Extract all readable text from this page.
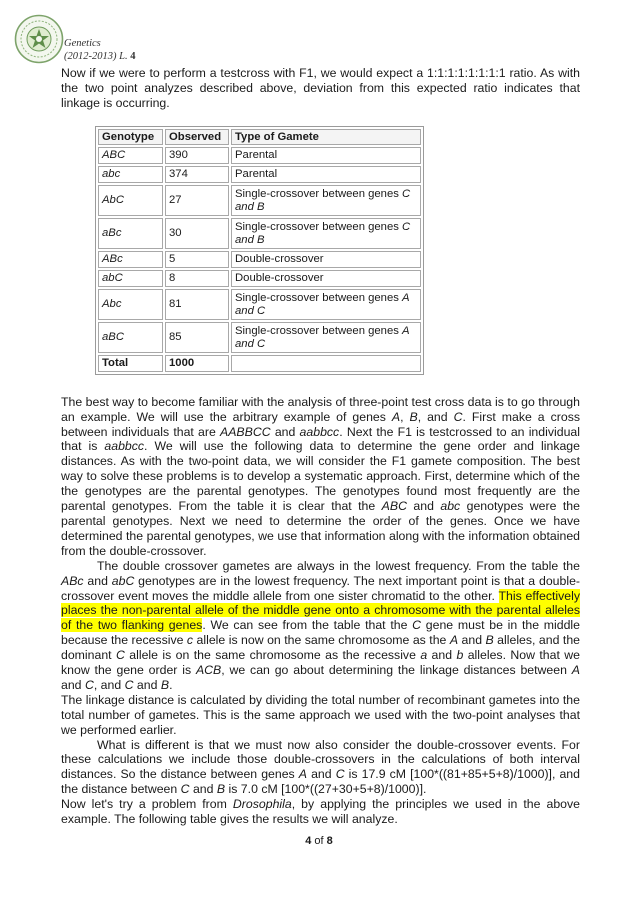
Genetics
(2012-2013) L. 4

Now if we were to perform a testcross with F1, we would expect a 1:1:1:1:1:1:1:1 ratio. As with the two point analyzes described above, deviation from this expected ratio indicates that linkage is occurring.

Genotype	Observed	Type of Gamete
ABC	390	Parental
abc	374	Parental
AbC	27	Single-crossover between genes C and B
aBc	30	Single-crossover between genes C and B
ABc	5	Double-crossover
abC	8	Double-crossover
Abc	81	Single-crossover between genes A and C
aBC	85	Single-crossover between genes A and C
Total	1000	

The best way to become familiar with the analysis of three-point test cross data is to go through an example. We will use the arbitrary example of genes A, B, and C. First make a cross between individuals that are AABBCC and aabbcc. Next the F1 is testcrossed to an individual that is aabbcc. We will use the following data to determine the gene order and linkage distances. As with the two-point data, we will consider the F1 gamete composition. The best way to solve these problems is to develop a systematic approach. First, determine which of the the genotypes are the parental genotypes. The genotypes found most frequently are the parental genotypes. From the table it is clear that the ABC and abc genotypes were the parental genotypes. Next we need to determine the order of the genes. Once we have determined the parental genotypes, we use that information along with the information obtained from the double-crossover.

The double crossover gametes are always in the lowest frequency. From the table the ABc and abC genotypes are in the lowest frequency. The next important point is that a double-crossover event moves the middle allele from one sister chromatid to the other. This effectively places the non-parental allele of the middle gene onto a chromosome with the parental alleles of the two flanking genes. We can see from the table that the C gene must be in the middle because the recessive c allele is now on the same chromosome as the A and B alleles, and the dominant C allele is on the same chromosome as the recessive a and b alleles. Now that we know the gene order is ACB, we can go about determining the linkage distances between A and C, and C and B.

The linkage distance is calculated by dividing the total number of recombinant gametes into the total number of gametes. This is the same approach we used with the two-point analyses that we performed earlier.

What is different is that we must now also consider the double-crossover events. For these calculations we include those double-crossovers in the calculations of both interval distances. So the distance between genes A and C is 17.9 cM [100*((81+85+5+8)/1000)], and the distance between C and B is 7.0 cM [100*((27+30+5+8)/1000)].

Now let's try a problem from Drosophila, by applying the principles we used in the above example. The following table gives the results we will analyze.

4 of 8
